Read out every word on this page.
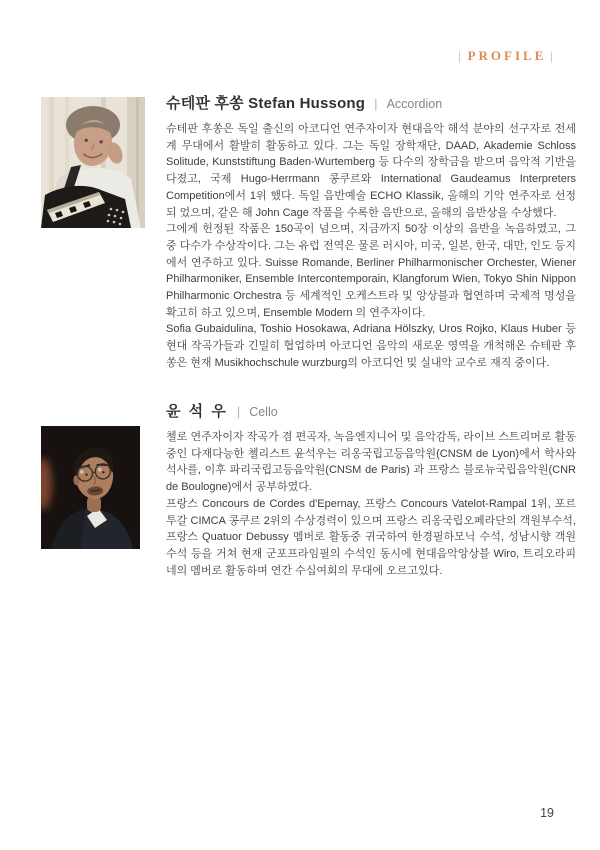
| PROFILE |
슈테판 후쏭 Stefan Hussong | Accordion

슈테판 후쏭은 독일 출신의 아코디언 연주자이자 현대음악 해석 분야의 선구자로 전세계 무대에서 활발히 활동하고 있다. 그는 독일 장학재단, DAAD, Akademie Schloss Solitude, Kunststiftung Baden-Wurtemberg 등 다수의 장학금을 받으며 음악적 기반을 다졌고, 국제 Hugo-Herrmann 콩쿠르와 International Gaudeamus Interpreters Competition에서 1위 했다. 독일 음반예술 ECHO Klassik, 올해의 기악 연주자로 선정되 었으며, 같은 해 John Cage 작품을 수록한 음반으로, 올해의 음반상을 수상했다.

그에게 헌정된 작품은 150곡이 넘으며, 지금까지 50장 이상의 음반을 녹음하였고, 그 중 다수가 수상작이다. 그는 유럽 전역은 물론 러시아, 미국, 일본, 한국, 대만, 인도 등지에서 연주하고 있다. Suisse Romande, Berliner Philharmonischer Orchester, Wiener Philharmoniker, Ensemble Intercontemporain, Klangforum Wien, Tokyo Shin Nippon Philharmonic Orchestra 등 세계적인 오케스트라 및 앙상블과 협연하며 국제적 명성을 확고히 하고 있으며, Ensemble Modern 의 연주자이다.

Sofia Gubaidulina, Toshio Hosokawa, Adriana Hölszky, Uros Rojko, Klaus Huber 등 현대 작곡가들과 긴밀히 협업하며 아코디언 음악의 새로운 영역을 개척해온 슈테판 후쏭은 현재 Musikhochschule wurzburg의 아코디언 및 실내악 교수로 재직 중이다.

윤 석 우 | Cello

첼로 연주자이자 작곡가 겸 편곡자, 녹음엔지니어 및 음악감독, 라이브 스트리머로 활동중인 다재다능한 첼리스트 윤석우는 리옹국립고등음악원(CNSM de Lyon)에서 학사와 석사를, 이후 파리국립고등음악원(CNSM de Paris) 과 프랑스 블로뉴국립음악원(CNR de Boulogne)에서 공부하였다.

프랑스 Concours de Cordes d'Epernay, 프랑스 Concours Vatelot-Rampal 1위, 포르투갈 CIMCA 콩쿠르 2위의 수상경력이 있으며 프랑스 리옹국립오페라단의 객원부수석, 프랑스 Quatuor Debussy 멤버로 활동중 귀국하여 한경필하모닉 수석, 성남시향 객원 수석 등을 거쳐 현재 군포프라임필의 수석인 동시에 현대음악앙상블 Wiro, 트리오라피네의 멤버로 활동하며 연간 수십여회의 무대에 오르고있다.

19
